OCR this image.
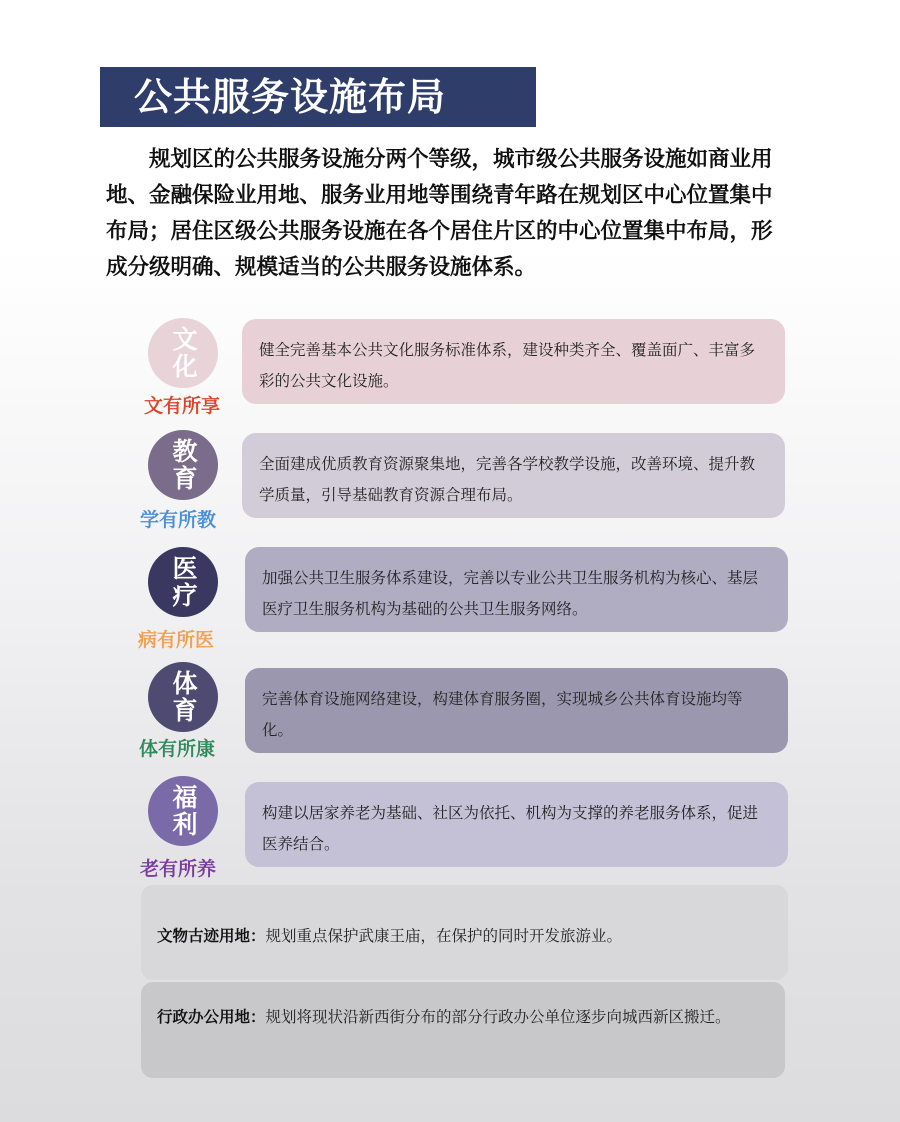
公共服务设施布局

规划区的公共服务设施分两个等级，城市级公共服务设施如商业用地、金融保险业用地、服务业用地等围绕青年路在规划区中心位置集中布局；居住区级公共服务设施在各个居住片区的中心位置集中布局，形成分级明确、规模适当的公共服务设施体系。

文化
文有所享
健全完善基本公共文化服务标准体系，建设种类齐全、覆盖面广、丰富多彩的公共文化设施。
教育
学有所教
全面建成优质教育资源聚集地，完善各学校教学设施，改善环境、提升教学质量，引导基础教育资源合理布局。
医疗
病有所医
加强公共卫生服务体系建设，完善以专业公共卫生服务机构为核心、基层医疗卫生服务机构为基础的公共卫生服务网络。
体育
体有所康
完善体育设施网络建设，构建体育服务圈，实现城乡公共体育设施均等化。
福利
老有所养
构建以居家养老为基础、社区为依托、机构为支撑的养老服务体系，促进医养结合。
文物古迹用地：规划重点保护武康王庙，在保护的同时开发旅游业。
行政办公用地：规划将现状沿新西街分布的部分行政办公单位逐步向城西新区搬迁。
